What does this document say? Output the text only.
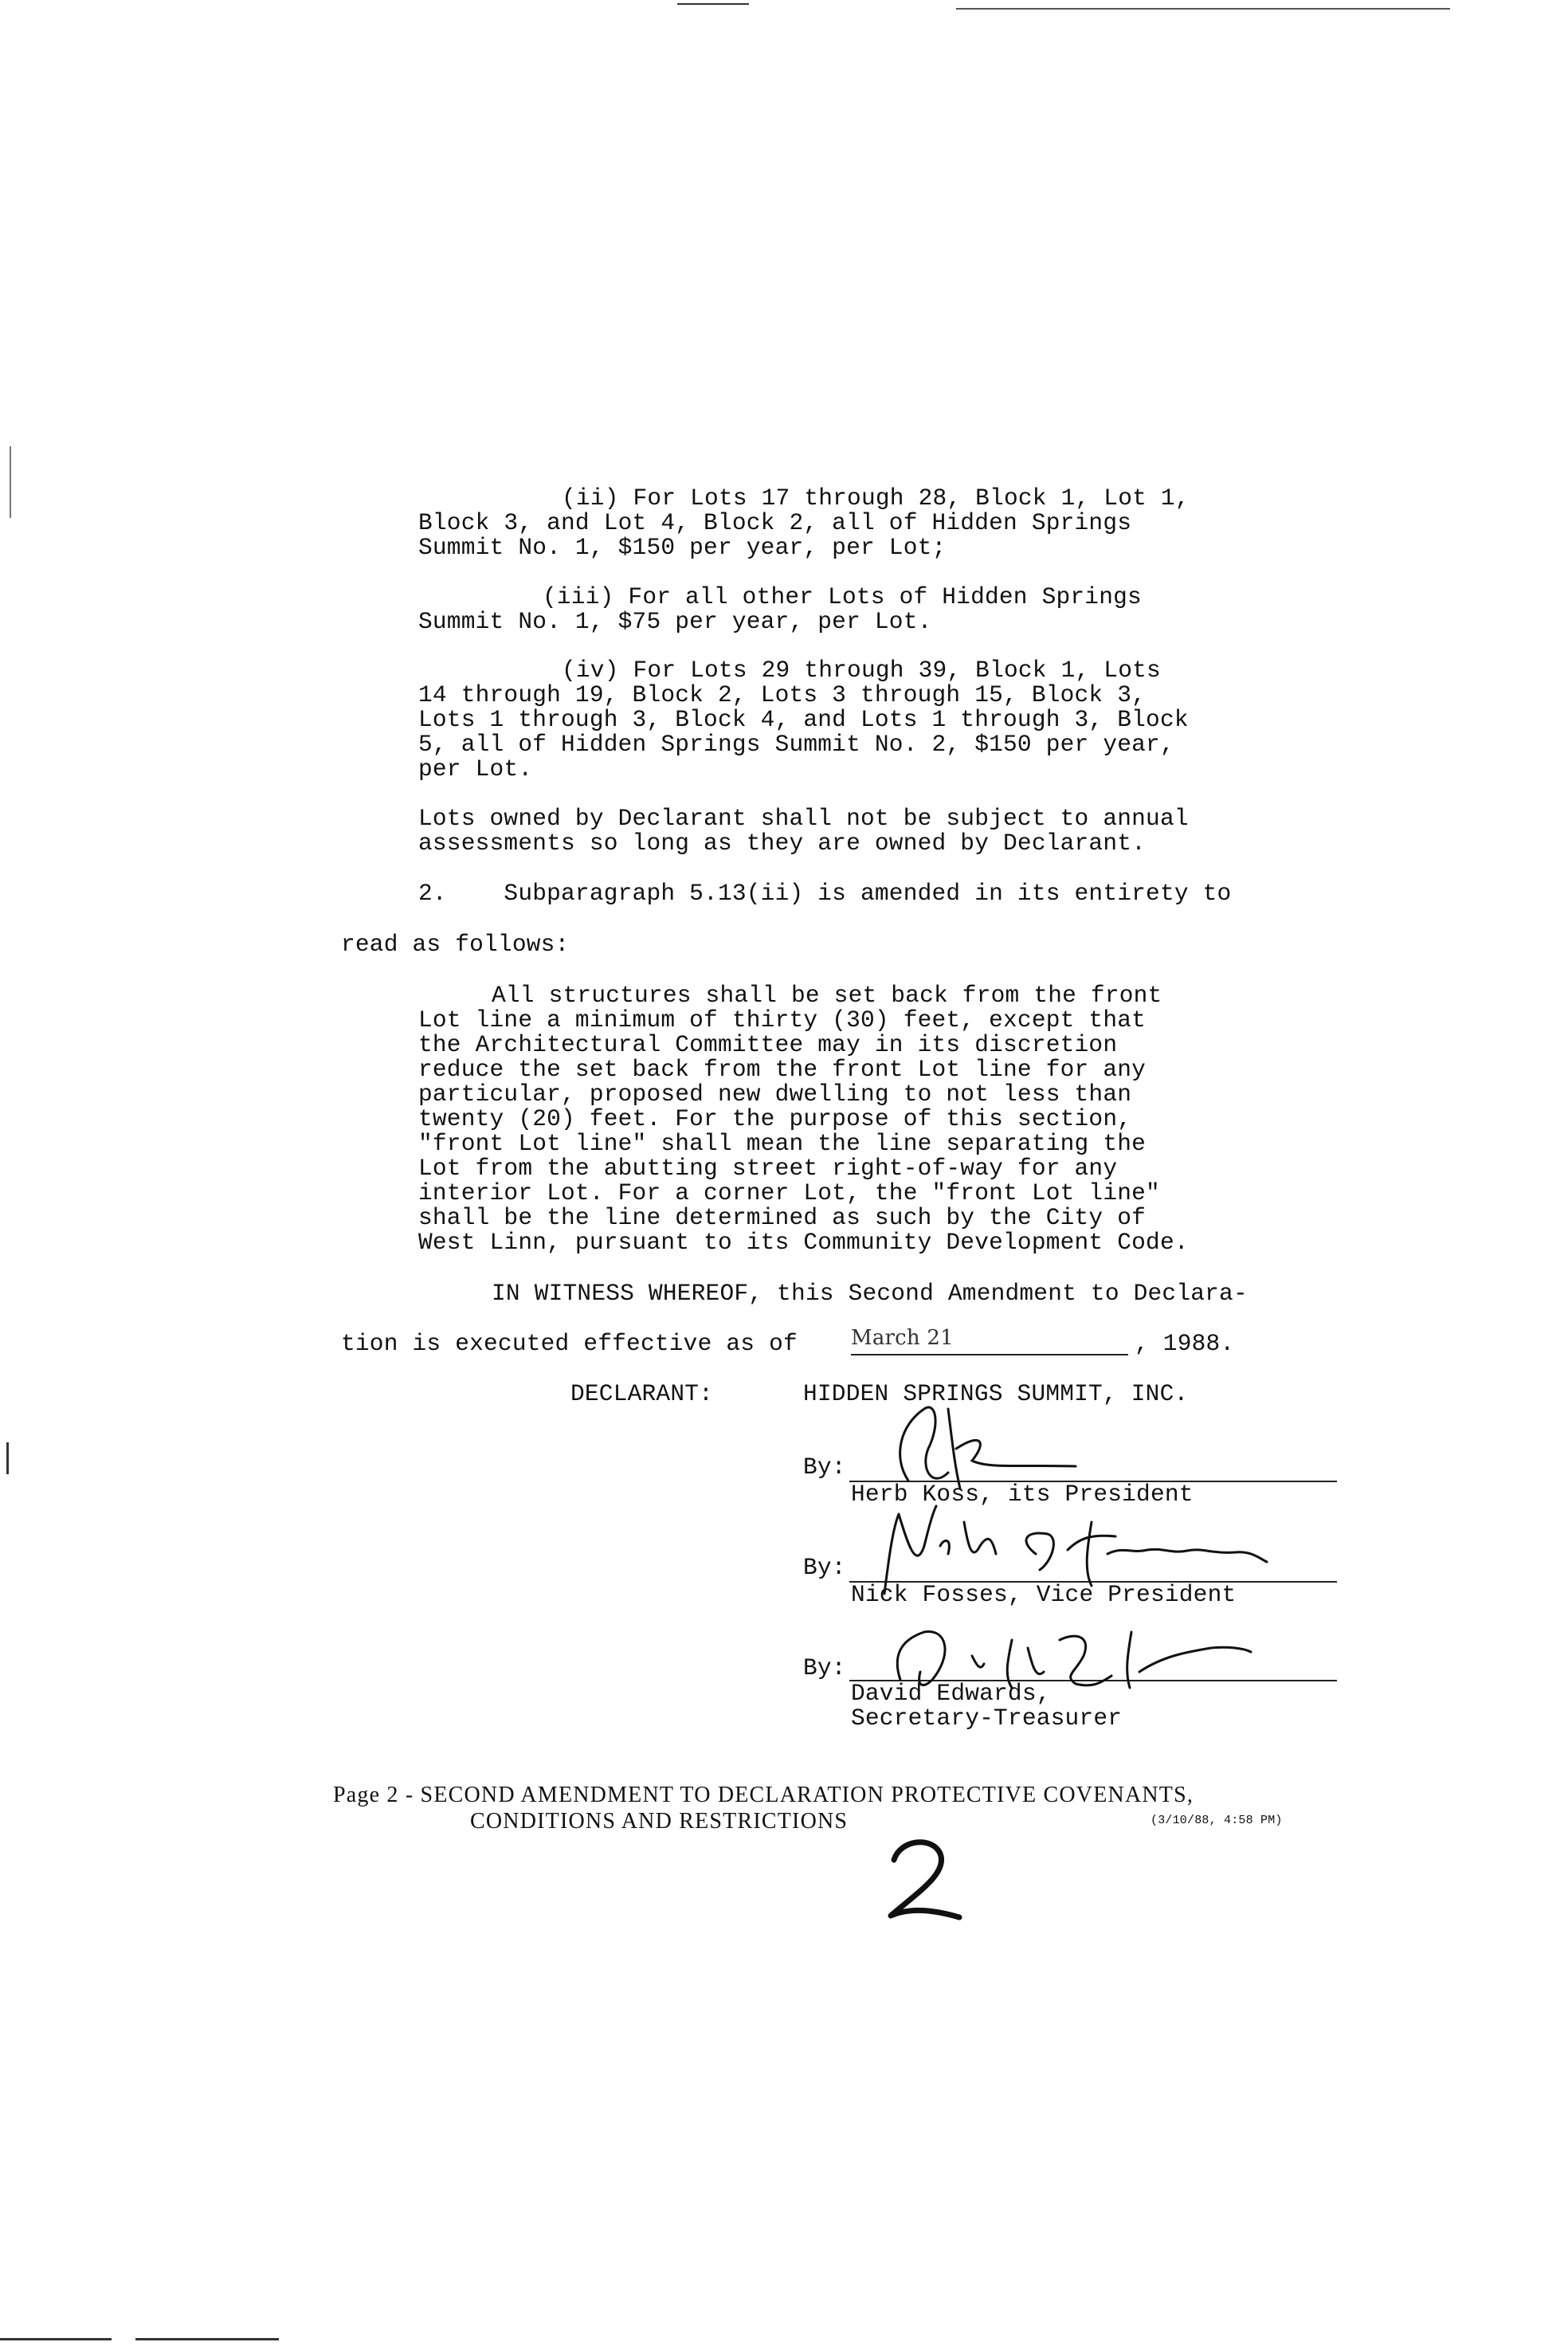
(ii) For Lots 17 through 28, Block 1, Lot 1,
Block 3, and Lot 4, Block 2, all of Hidden Springs
Summit No. 1, $150 per year, per Lot;

(iii) For all other Lots of Hidden Springs
Summit No. 1, $75 per year, per Lot.

(iv) For Lots 29 through 39, Block 1, Lots
14 through 19, Block 2, Lots 3 through 15, Block 3,
Lots 1 through 3, Block 4, and Lots 1 through 3, Block
5, all of Hidden Springs Summit No. 2, $150 per year,
per Lot.

Lots owned by Declarant shall not be subject to annual
assessments so long as they are owned by Declarant.

2.    Subparagraph 5.13(ii) is amended in its entirety to

read as follows:

All structures shall be set back from the front
Lot line a minimum of thirty (30) feet, except that
the Architectural Committee may in its discretion
reduce the set back from the front Lot line for any
particular, proposed new dwelling to not less than
twenty (20) feet. For the purpose of this section,
"front Lot line" shall mean the line separating the
Lot from the abutting street right-of-way for any
interior Lot. For a corner Lot, the "front Lot line"
shall be the line determined as such by the City of
West Linn, pursuant to its Community Development Code.

IN WITNESS WHEREOF, this Second Amendment to Declara-

tion is executed effective as of	March 21	, 1988.

DECLARANT:	HIDDEN SPRINGS SUMMIT, INC.

By:

Herb Koss, its President

By:

Nick Fosses, Vice President

By:

David Edwards,

Secretary-Treasurer

Page 2 - SECOND AMENDMENT TO DECLARATION PROTECTIVE COVENANTS,

CONDITIONS AND RESTRICTIONS	(3/10/88, 4:58 PM)
